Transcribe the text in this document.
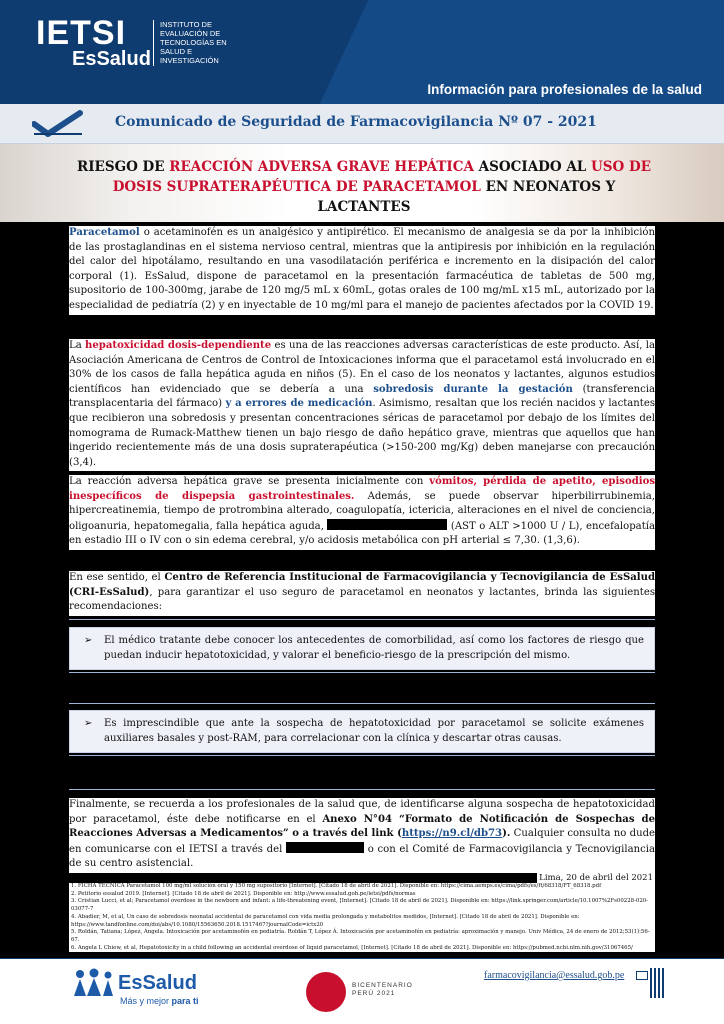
IETSI
EsSalud
INSTITUTO DE EVALUACIÓN DE TECNOLOGÍAS EN SALUD E INVESTIGACIÓN
Información para profesionales de la salud
Comunicado de Seguridad de Farmacovigilancia Nº 07 - 2021
RIESGO DE REACCIÓN ADVERSA GRAVE HEPÁTICA ASOCIADO AL USO DE DOSIS SUPRATERAPÉUTICA DE PARACETAMOL EN NEONATOS Y LACTANTES
Paracetamol o acetaminofén es un analgésico y antipirético. El mecanismo de analgesia se da por la inhibición de las prostaglandinas en el sistema nervioso central, mientras que la antipiresis por inhibición en la regulación del calor del hipotálamo, resultando en una vasodilatación periférica e incremento en la disipación del calor corporal (1). EsSalud, dispone de paracetamol en la presentación farmacéutica de tabletas de 500 mg, supositorio de 100-300mg, jarabe de 120 mg/5 mL x 60mL, gotas orales de 100 mg/mL x15 mL, autorizado por la especialidad de pediatría (2) y en inyectable de 10 mg/ml para el manejo de pacientes afectados por la COVID 19.
La hepatoxicidad dosis-dependiente es una de las reacciones adversas características de este producto. Así, la Asociación Americana de Centros de Control de Intoxicaciones informa que el paracetamol está involucrado en el 30% de los casos de falla hepática aguda en niños (5). En el caso de los neonatos y lactantes, algunos estudios científicos han evidenciado que se debería a una sobredosis durante la gestación (transferencia transplacentaria del fármaco) y a errores de medicación. Asimismo, resaltan que los recién nacidos y lactantes que recibieron una sobredosis y presentan concentraciones séricas de paracetamol por debajo de los límites del nomograma de Rumack-Matthew tienen un bajo riesgo de daño hepático grave, mientras que aquellos que han ingerido recientemente más de una dosis supraterapéutica (>150-200 mg/Kg) deben manejarse con precaución (3,4).
La reacción adversa hepática grave se presenta inicialmente con vómitos, pérdida de apetito, episodios inespecíficos de dispepsia gastrointestinales. Además, se puede observar hiperbilirrubinemia, hipercreatinemia, tiempo de protrombina alterado, coagulopatía, ictericia, alteraciones en el nivel de conciencia, oligoanuria, hepatomegalia, falla hepática aguda,	(AST o ALT >1000 U / L), encefalopatía en estadio III o IV con o sin edema cerebral, y/o acidosis metabólica con pH arterial ≤ 7,30. (1,3,6).
En ese sentido, el Centro de Referencia Institucional de Farmacovigilancia y Tecnovigilancia de EsSalud (CRI-EsSalud), para garantizar el uso seguro de paracetamol en neonatos y lactantes, brinda las siguientes recomendaciones:
➢ El médico tratante debe conocer los antecedentes de comorbilidad, así como los factores de riesgo que puedan inducir hepatotoxicidad, y valorar el beneficio-riesgo de la prescripción del mismo.
➢ Es imprescindible que ante la sospecha de hepatotoxicidad por paracetamol se solicite exámenes auxiliares basales y post-RAM, para correlacionar con la clínica y descartar otras causas.
Finalmente, se recuerda a los profesionales de la salud que, de identificarse alguna sospecha de hepatotoxicidad por paracetamol, éste debe notificarse en el Anexo N°04 “Formato de Notificación de Sospechas de Reacciones Adversas a Medicamentos” o a través del link (https://n9.cl/db73). Cualquier consulta no dude en comunicarse con el IETSI a través del	o con el Comité de Farmacovigilancia y Tecnovigilancia de su centro asistencial.
Lima, 20 de abril del 2021
1. FICHA TÉCNICA Paracetamol 100 mg/ml solución oral y 150 mg supositorio [Internet]. [Citado 18 de abril de 2021]. Disponible en: https://cima.aemps.es/cima/pdfs/es/ft/68318/FT_68318.pdf
2. Petitorio essalud 2019. [Internet]. [Citado 18 de abril de 2021]. Disponible en: http://www.essalud.gob.pe/ietsi/pdfs/normas
3. Cristian Lucci, et al; Paracetamol overdose in the newborn and infant: a life-threatening event, [Internet]. [Citado 18 de abril de 2021]. Disponible en: https://link.springer.com/article/10.1007%2Fs00228-020-03077-7
4. Abadier, M, et al, Un caso de sobredosis neonatal accidental de paracetamol con vida media prolongada y metabolitos medidos, [Internet]. [Citado 18 de abril de 2021]. Disponible en: https://www.tandfonline.com/doi/abs/10.1080/15563650.2018.1517467?journalCode=ictx20
5. Roldán, Tatiana; López, Ángela. Intoxicación por acetaminofén en pediatría. Roldán T, López Á. Intoxicación por acetaminofén en pediatría: aproximación y manejo. Univ Médica, 24 de enero de 2012;53(1):56-67.
6. Angela L Chiew, et al, Hepatotoxicity in a child following an accidental overdose of liquid paracetamol, [Internet]. [Citado 18 de abril de 2021]. Disponible en: https://pubmed.ncbi.nlm.nih.gov/31067465/
EsSalud
Más y mejor para ti
BICENTENARIO
PERÚ 2021
farmacovigilancia@essalud.gob.pe
